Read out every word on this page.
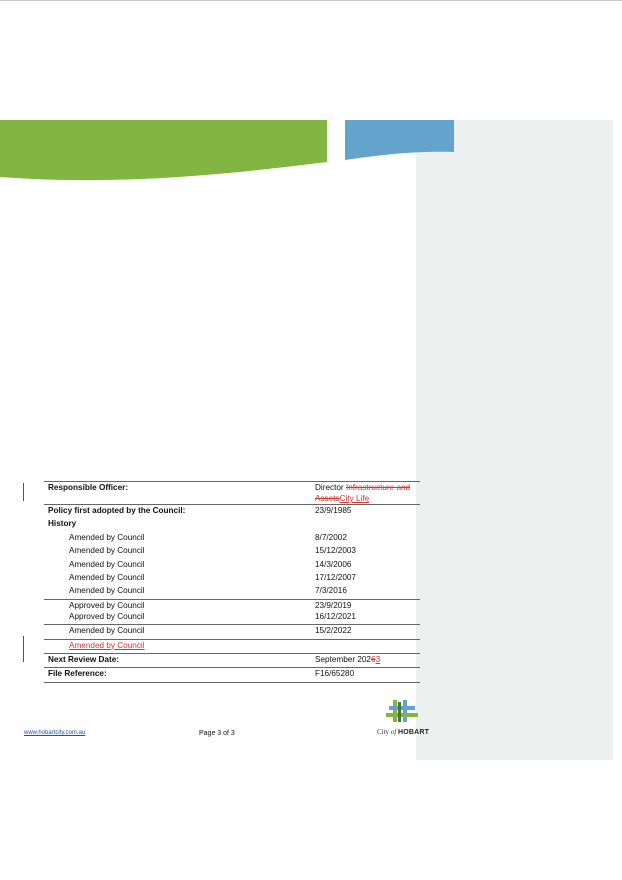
Responsible Officer:	Director Infrastructure and AssetsCity Life
Policy first adopted by the Council:	23/9/1985
History	
Amended by Council	8/7/2002
Amended by Council	15/12/2003
Amended by Council	14/3/2006
Amended by Council	17/12/2007
Amended by Council	7/3/2016
Approved by Council	23/9/2019
Approved by Council	16/12/2021
Amended by Council	15/2/2022
Amended by Council	
Next Review Date:	September 20263
File Reference:	F16/65280
www.hobartcity.com.au	Page 3 of 3	City of HOBART
